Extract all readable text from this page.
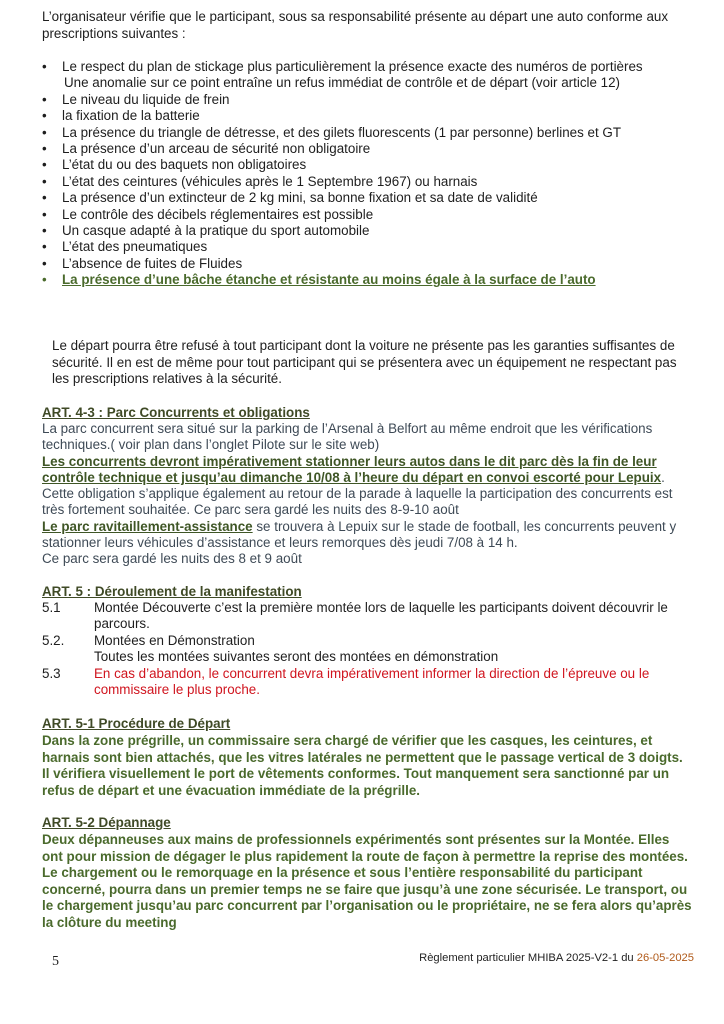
L’organisateur vérifie que le participant, sous sa responsabilité présente au départ une auto conforme aux prescriptions suivantes :
• Le respect du plan de stickage plus particulièrement la présence exacte des numéros de portières
Une anomalie sur ce point entraîne un refus immédiat de contrôle et de départ (voir article 12)
• Le niveau du liquide de frein
• la fixation de la batterie
• La présence du triangle de détresse, et des gilets fluorescents (1 par personne) berlines et GT
• La présence d’un arceau de sécurité non obligatoire
• L’état du ou des baquets non obligatoires
• L’état des ceintures (véhicules après le 1 Septembre 1967) ou harnais
• La présence d’un extincteur de 2 kg mini, sa bonne fixation et sa date de validité
• Le contrôle des décibels réglementaires est possible
• Un casque adapté à la pratique du sport automobile
• L’état des pneumatiques
• L’absence de fuites de Fluides
• La présence d’une bâche étanche et résistante au moins égale à la surface de l’auto
Le départ pourra être refusé à tout participant dont la voiture ne présente pas les garanties suffisantes de sécurité. Il en est de même pour tout participant qui se présentera avec un équipement ne respectant pas les prescriptions relatives à la sécurité.
ART. 4-3 : Parc Concurrents et obligations
La parc concurrent sera situé sur la parking de l’Arsenal à Belfort au même endroit que les vérifications techniques.( voir plan dans l’onglet Pilote sur le site web)
Les concurrents devront impérativement stationner leurs autos dans le dit parc dès la fin de leur contrôle technique et jusqu’au dimanche 10/08 à l’heure du départ en convoi escorté pour Lepuix.
Cette obligation s’applique également au retour de la parade à laquelle la participation des concurrents est très fortement souhaitée. Ce parc sera gardé les nuits des 8-9-10 août
Le parc ravitaillement-assistance se trouvera à Lepuix sur le stade de football, les concurrents peuvent y stationner leurs véhicules d’assistance et leurs remorques dès jeudi 7/08 à 14 h.
Ce parc sera gardé les nuits des 8 et 9 août
ART. 5 : Déroulement de la manifestation
5.1	Montée Découverte c’est la première montée lors de laquelle les participants doivent découvrir le parcours.
5.2.	Montées en Démonstration
Toutes les montées suivantes seront des montées en démonstration
5.3	En cas d’abandon, le concurrent devra impérativement informer la direction de l’épreuve ou le commissaire le plus proche.
ART. 5-1 Procédure de Départ
Dans la zone prégrille, un commissaire sera chargé de vérifier que les casques, les ceintures, et harnais sont bien attachés, que les vitres latérales ne permettent que le passage vertical de 3 doigts. Il vérifiera visuellement le port de vêtements conformes. Tout manquement sera sanctionné par un refus de départ et une évacuation immédiate de la prégrille.
ART. 5-2 Dépannage
Deux dépanneuses aux mains de professionnels expérimentés sont présentes sur la Montée. Elles ont pour mission de dégager le plus rapidement la route de façon à permettre la reprise des montées. Le chargement ou le remorquage en la présence et sous l’entière responsabilité du participant concerné, pourra dans un premier temps ne se faire que jusqu’à une zone sécurisée. Le transport, ou le chargement jusqu’au parc concurrent par l’organisation ou le propriétaire, ne se fera alors qu’après la clôture du meeting
5	Règlement particulier MHIBA 2025-V2-1 du 26-05-2025
